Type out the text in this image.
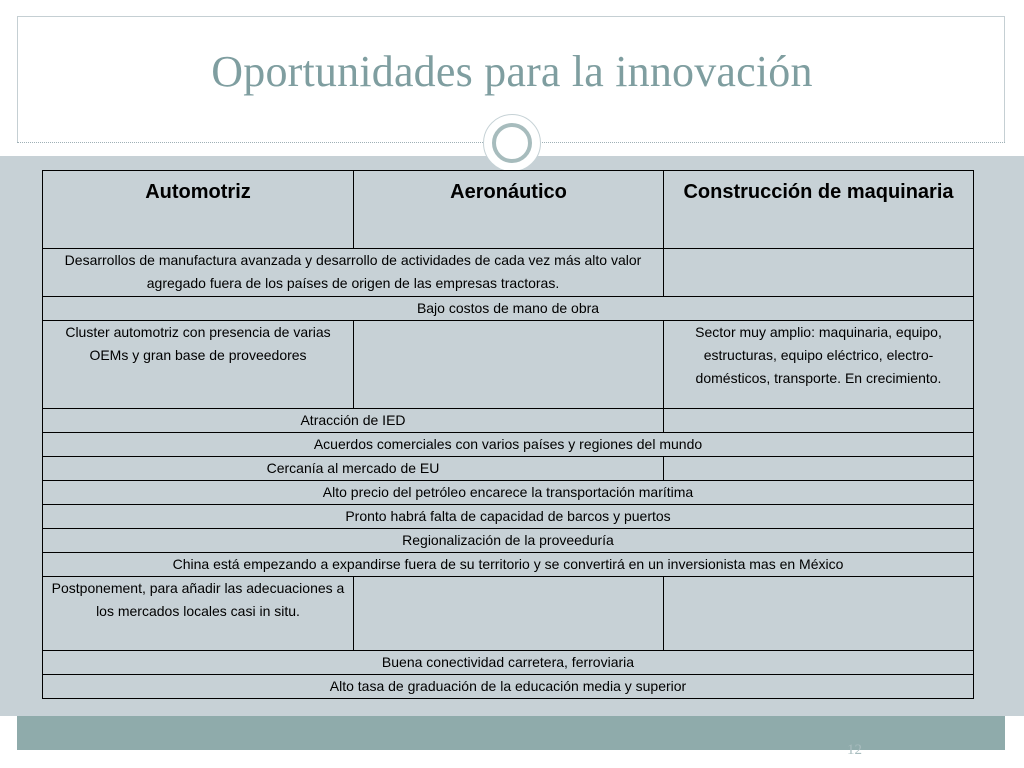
Oportunidades para la innovación
Automotriz	Aeronáutico	Construcción de maquinaria
Desarrollos de manufactura avanzada y desarrollo de actividades de cada vez más alto valor agregado fuera de los países de origen de las empresas tractoras.		
Bajo costos de mano de obra		
Cluster automotriz con presencia de varias OEMs y gran base de proveedores		Sector muy amplio: maquinaria, equipo, estructuras, equipo eléctrico, electro-domésticos, transporte. En crecimiento.
Atracción de IED		
Acuerdos comerciales con varios países y regiones del mundo		
Cercanía al mercado de EU		
Alto precio del petróleo encarece la transportación marítima		
Pronto habrá falta de capacidad de barcos y puertos		
Regionalización de la proveeduría		
China está empezando a expandirse fuera de su territorio y se convertirá en un inversionista mas en México		
Postponement, para añadir las adecuaciones a los mercados locales casi in situ.		
Buena conectividad carretera, ferroviaria		
Alto tasa de graduación de la educación media y superior		
12
